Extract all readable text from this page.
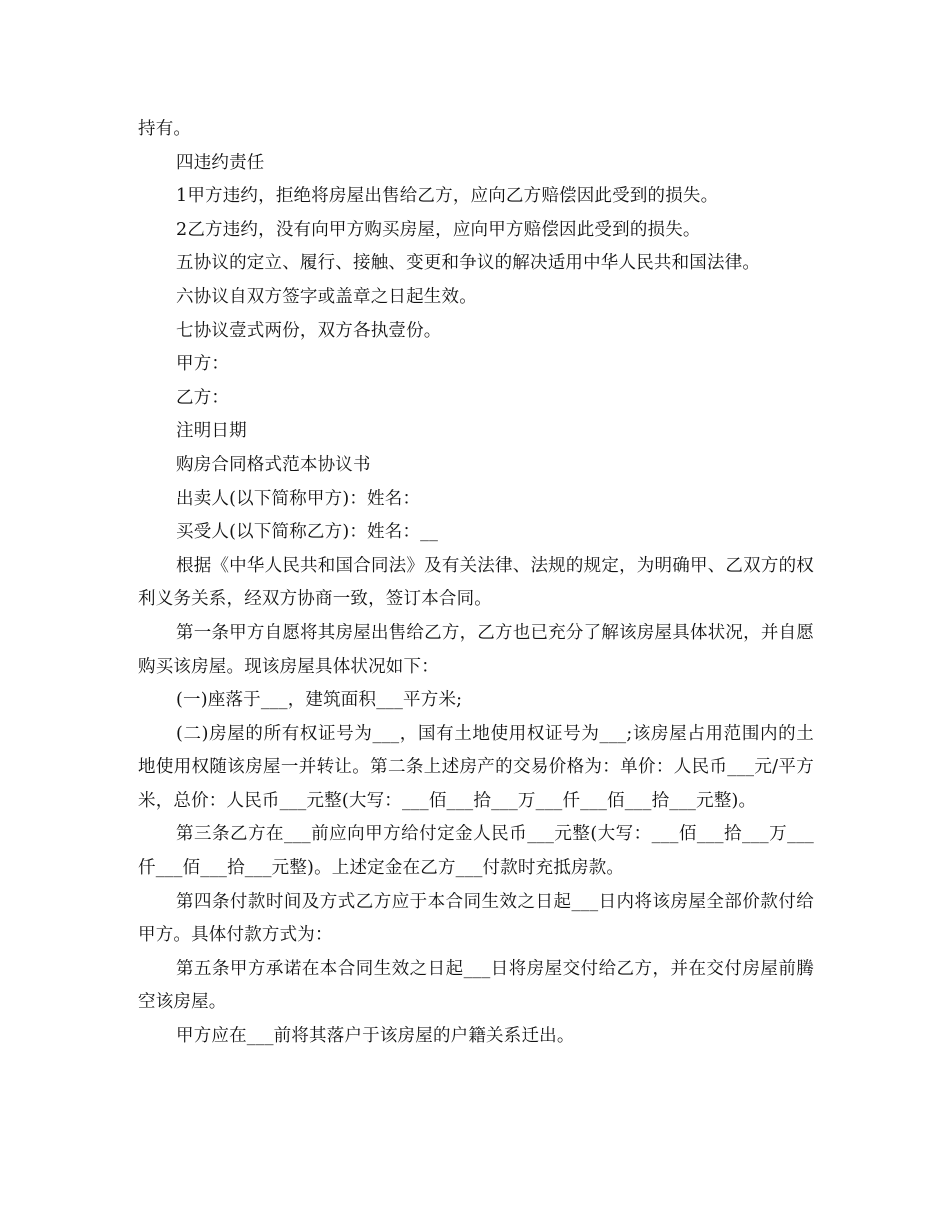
持有。

四违约责任

1甲方违约，拒绝将房屋出售给乙方，应向乙方赔偿因此受到的损失。

2乙方违约，没有向甲方购买房屋，应向甲方赔偿因此受到的损失。

五协议的定立、履行、接触、变更和争议的解决适用中华人民共和国法律。

六协议自双方签字或盖章之日起生效。

七协议壹式两份，双方各执壹份。

甲方：

乙方：

注明日期

购房合同格式范本协议书

出卖人(以下简称甲方)：姓名：

买受人(以下简称乙方)：姓名：__

根据《中华人民共和国合同法》及有关法律、法规的规定，为明确甲、乙双方的权利义务关系，经双方协商一致，签订本合同。

第一条甲方自愿将其房屋出售给乙方，乙方也已充分了解该房屋具体状况，并自愿购买该房屋。现该房屋具体状况如下：

(一)座落于___，建筑面积___平方米;

(二)房屋的所有权证号为___，国有土地使用权证号为___;该房屋占用范围内的土地使用权随该房屋一并转让。第二条上述房产的交易价格为：单价：人民币___元/平方米，总价：人民币___元整(大写：___佰___拾___万___仟___佰___拾___元整)。

第三条乙方在___前应向甲方给付定金人民币___元整(大写：___佰___拾___万___仟___佰___拾___元整)。上述定金在乙方___付款时充抵房款。

第四条付款时间及方式乙方应于本合同生效之日起___日内将该房屋全部价款付给甲方。具体付款方式为：

第五条甲方承诺在本合同生效之日起___日将房屋交付给乙方，并在交付房屋前腾空该房屋。

甲方应在___前将其落户于该房屋的户籍关系迁出。
